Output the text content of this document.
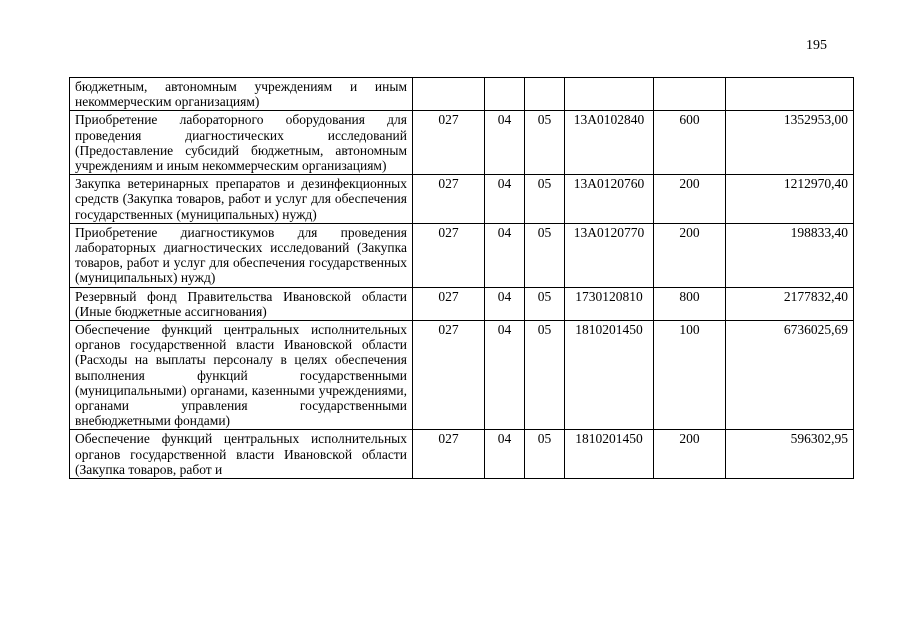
195
бюджетным, автономным учреждениям и иным некоммерческим организациям)						
Приобретение лабораторного оборудования для проведения диагностических исследований (Предоставление субсидий бюджетным, автономным учреждениям и иным некоммерческим организациям)	027	04	05	13А0102840	600	1352953,00
Закупка ветеринарных препаратов и дезинфекционных средств (Закупка товаров, работ и услуг для обеспечения государственных (муниципальных) нужд)	027	04	05	13А0120760	200	1212970,40
Приобретение диагностикумов для проведения лабораторных диагностических исследований (Закупка товаров, работ и услуг для обеспечения государственных (муниципальных) нужд)	027	04	05	13А0120770	200	198833,40
Резервный фонд Правительства Ивановской области (Иные бюджетные ассигнования)	027	04	05	1730120810	800	2177832,40
Обеспечение функций центральных исполнительных органов государственной власти Ивановской области (Расходы на выплаты персоналу в целях обеспечения выполнения функций государственными (муниципальными) органами, казенными учреждениями, органами управления государственными внебюджетными фондами)	027	04	05	1810201450	100	6736025,69
Обеспечение функций центральных исполнительных органов государственной власти Ивановской области (Закупка товаров, работ и	027	04	05	1810201450	200	596302,95
